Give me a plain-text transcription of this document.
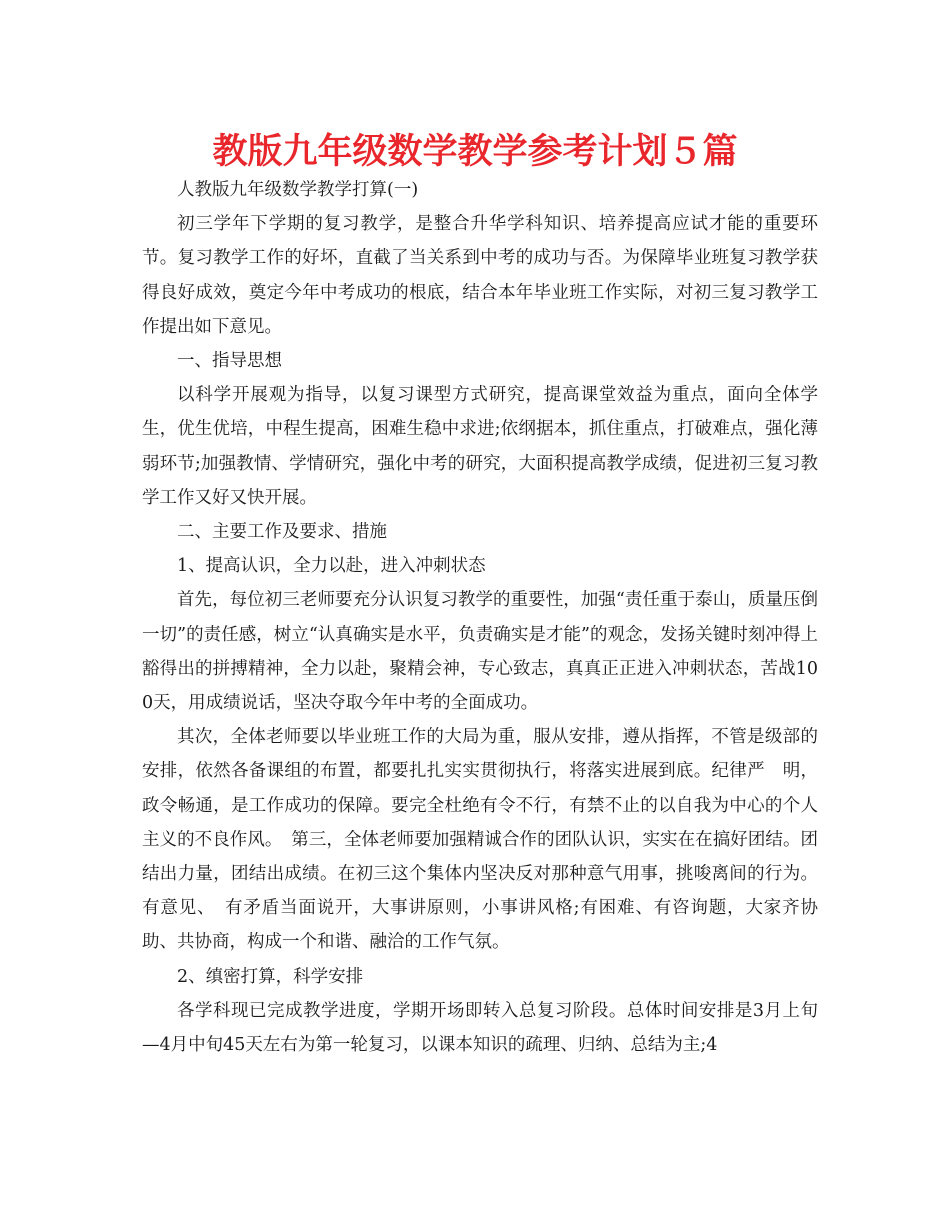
教版九年级数学教学参考计划５篇

人教版九年级数学教学打算(一)

初三学年下学期的复习教学，是整合升华学科知识、培养提高应试才能的重要环节。复习教学工作的好坏，直截了当关系到中考的成功与否。为保障毕业班复习教学获得良好成效，奠定今年中考成功的根底，结合本年毕业班工作实际，对初三复习教学工作提出如下意见。

一、指导思想

以科学开展观为指导，以复习课型方式研究，提高课堂效益为重点，面向全体学生，优生优培，中程生提高，困难生稳中求进;依纲据本，抓住重点，打破难点，强化薄弱环节;加强教情、学情研究，强化中考的研究，大面积提高教学成绩，促进初三复习教学工作又好又快开展。

二、主要工作及要求、措施

1、提高认识，全力以赴，进入冲刺状态

首先，每位初三老师要充分认识复习教学的重要性，加强“责任重于泰山，质量压倒一切”的责任感，树立“认真确实是水平，负责确实是才能”的观念，发扬关键时刻冲得上豁得出的拼搏精神，全力以赴，聚精会神，专心致志，真真正正进入冲刺状态，苦战100天，用成绩说话，坚决夺取今年中考的全面成功。

其次，全体老师要以毕业班工作的大局为重，服从安排，遵从指挥，不管是级部的安排，依然各备课组的布置，都要扎扎实实贯彻执行，将落实进展到底。纪律严　明，政令畅通，是工作成功的保障。要完全杜绝有令不行，有禁不止的以自我为中心的个人主义的不良作风。　第三，全体老师要加强精诚合作的团队认识，实实在在搞好团结。团结出力量，团结出成绩。在初三这个集体内坚决反对那种意气用事，挑唆离间的行为。有意见、　有矛盾当面说开，大事讲原则，小事讲风格;有困难、有咨询题，大家齐协助、共协商，构成一个和谐、融洽的工作气氛。

2、缜密打算，科学安排

各学科现已完成教学进度，学期开场即转入总复习阶段。总体时间安排是3月上旬—4月中旬45天左右为第一轮复习，以课本知识的疏理、归纳、总结为主;4
